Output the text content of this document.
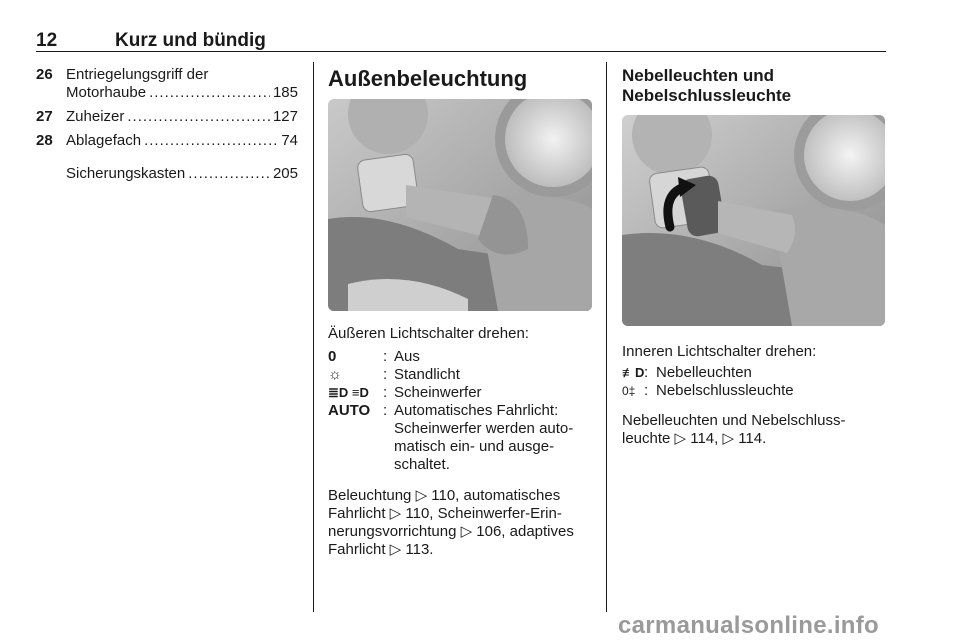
12	Kurz und bündig
26 Entriegelungsgriff der
Motorhaube .....	185
27 Zuheizer .....	127
28 Ablagefach .....	74
Sicherungskasten .....	205
Außenbeleuchtung
Äußeren Lichtschalter drehen:
0	: Aus
☼	: Standlicht
≣D ≡D : Scheinwerfer
AUTO : Automatisches Fahrlicht:
Scheinwerfer werden auto-
matisch ein- und ausge-
schaltet.
Beleuchtung ▷ 110, automatisches
Fahrlicht ▷ 110, Scheinwerfer-Erin-
nerungsvorrichtung ▷ 106, adaptives
Fahrlicht ▷ 113.
Nebelleuchten und
Nebelschlussleuchte
Inneren Lichtschalter drehen:
≢D : Nebelleuchten
0‡ : Nebelschlussleuchte
Nebelleuchten und Nebelschluss-
leuchte ▷ 114, ▷ 114.
carmanualsonline.info
